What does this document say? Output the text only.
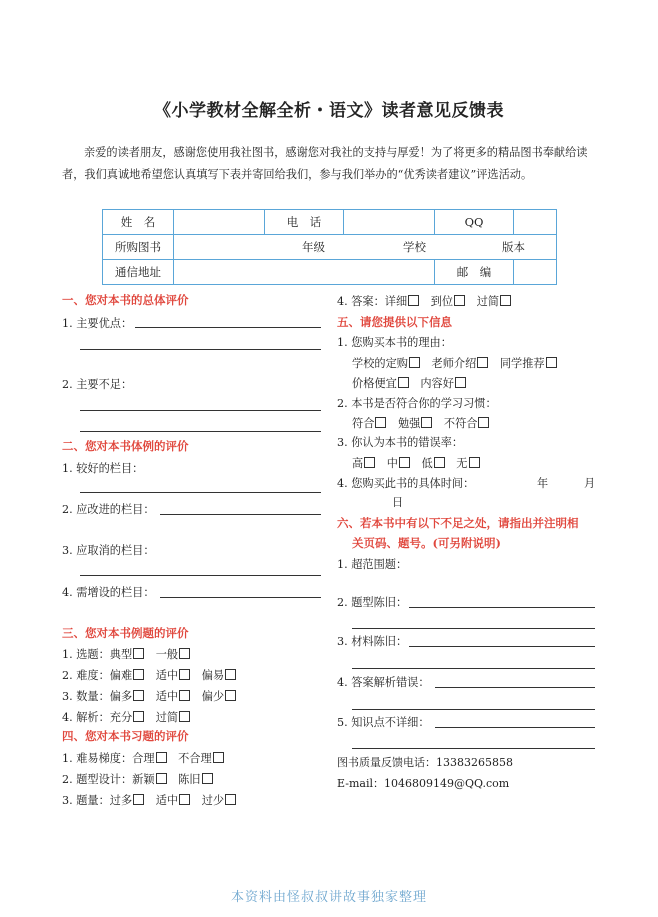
《小学教材全解全析・语文》读者意见反馈表
亲爱的读者朋友，感谢您使用我社图书，感谢您对我社的支持与厚爱！为了将更多的精品图书奉献给读者，我们真诚地希望您认真填写下表并寄回给我们，参与我们举办的“优秀读者建议”评选活动。
姓　名		电　话		QQ	
所购图书	年级 学校 版本				
通信地址				邮　编	
一、您对本书的总体评价
1. 主要优点：
2. 主要不足：
二、您对本书体例的评价
1. 较好的栏目：
2. 应改进的栏目：
3. 应取消的栏目：
4. 需增设的栏目：
三、您对本书例题的评价
1. 选题：典型 一般
2. 难度：偏难 适中 偏易
3. 数量：偏多 适中 偏少
4. 解析：充分 过简
四、您对本书习题的评价
1. 难易梯度：合理 不合理
2. 题型设计：新颖 陈旧
3. 题量：过多 适中 过少
4. 答案：详细 到位 过简
五、请您提供以下信息
1. 您购买本书的理由：
学校的定购 老师介绍 同学推荐
价格便宜 内容好
2. 本书是否符合你的学习习惯：
符合 勉强 不符合
3. 你认为本书的错误率：
高 中 低 无
4. 您购买此书的具体时间：	年	月
日
六、若本书中有以下不足之处，请指出并注明相
关页码、题号。(可另附说明)
1. 超范围题：
2. 题型陈旧：
3. 材料陈旧：
4. 答案解析错误：
5. 知识点不详细：
图书质量反馈电话：13383265858
E-mail：1046809149@QQ.com
本资料由怪叔叔讲故事独家整理
